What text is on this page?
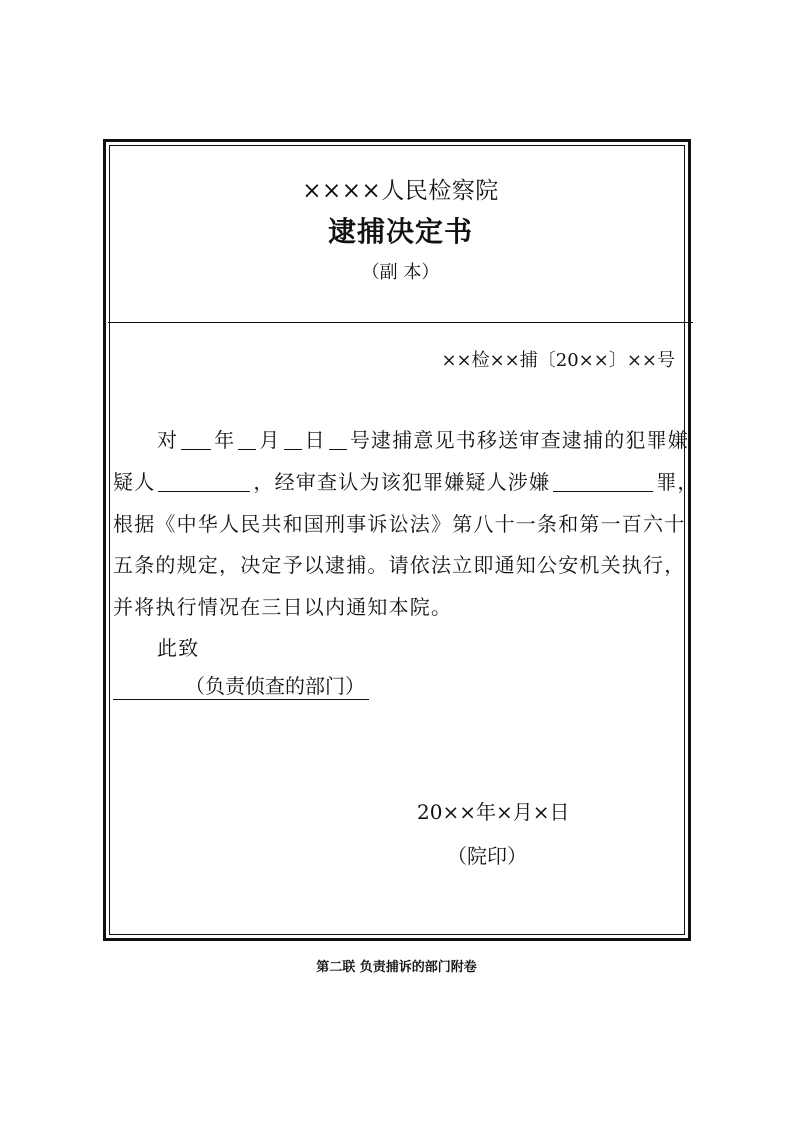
××××人民检察院
逮捕决定书
（副 本）
××检××捕〔20××〕××号
对 年 月 日 号逮捕意见书移送审查逮捕的犯罪嫌
疑人	，经审查认为该犯罪嫌疑人涉嫌	罪，
根据《中华人民共和国刑事诉讼法》第八十一条和第一百六十
五条的规定，决定予以逮捕。请依法立即通知公安机关执行，
并将执行情况在三日以内通知本院。
此致
（负责侦查的部门）
20××年×月×日
（院印）
第二联 负责捕诉的部门附卷
